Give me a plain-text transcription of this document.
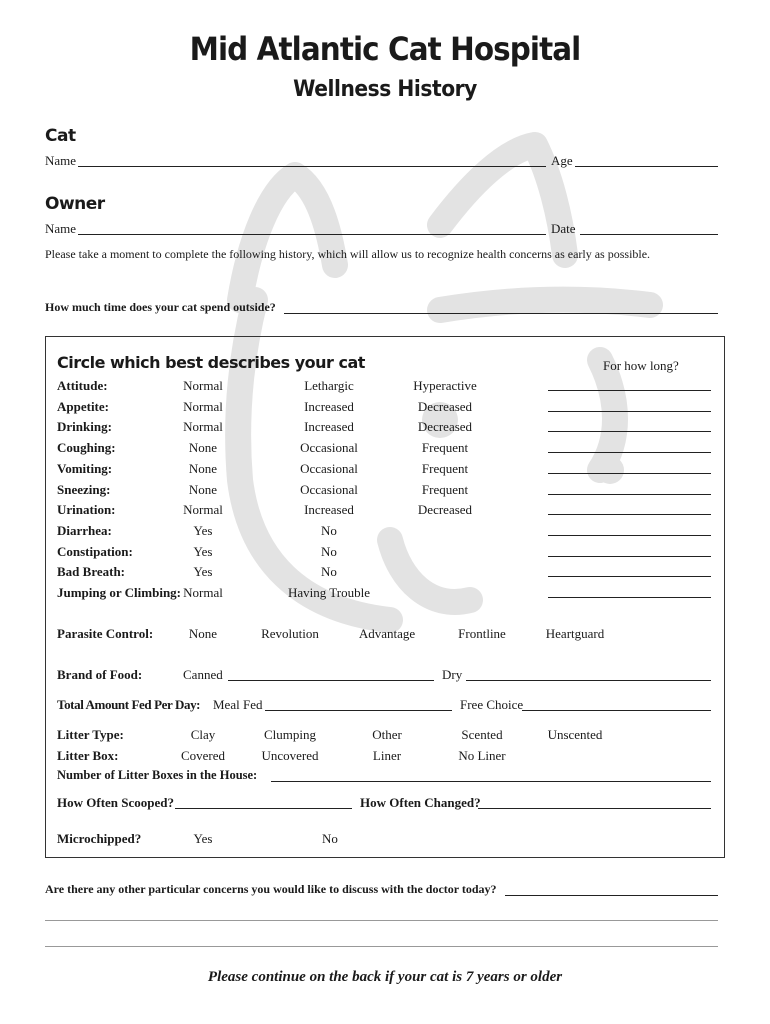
Mid Atlantic Cat Hospital
Wellness History
Cat
Name	Age
Owner
Name	Date
Please take a moment to complete the following history, which will allow us to recognize health concerns as early as possible.
How much time does your cat spend outside?
Circle which best describes your cat	For how long?
Attitude:	Normal	Lethargic	Hyperactive
Appetite:	Normal	Increased	Decreased
Drinking:	Normal	Increased	Decreased
Coughing:	None	Occasional	Frequent
Vomiting:	None	Occasional	Frequent
Sneezing:	None	Occasional	Frequent
Urination:	Normal	Increased	Decreased
Diarrhea:	Yes	No
Constipation:	Yes	No
Bad Breath:	Yes	No
Jumping or Climbing: Normal	Having Trouble
Parasite Control:	None	Revolution	Advantage	Frontline	Heartguard
Brand of Food:	Canned	Dry
Total Amount Fed Per Day: Meal Fed	Free Choice
Litter Type:	Clay	Clumping	Other	Scented	Unscented
Litter Box:	Covered	Uncovered	Liner	No Liner
Number of Litter Boxes in the House:
How Often Scooped?	How Often Changed?
Microchipped?	Yes	No
Are there any other particular concerns you would like to discuss with the doctor today?
Please continue on the back if your cat is 7 years or older
